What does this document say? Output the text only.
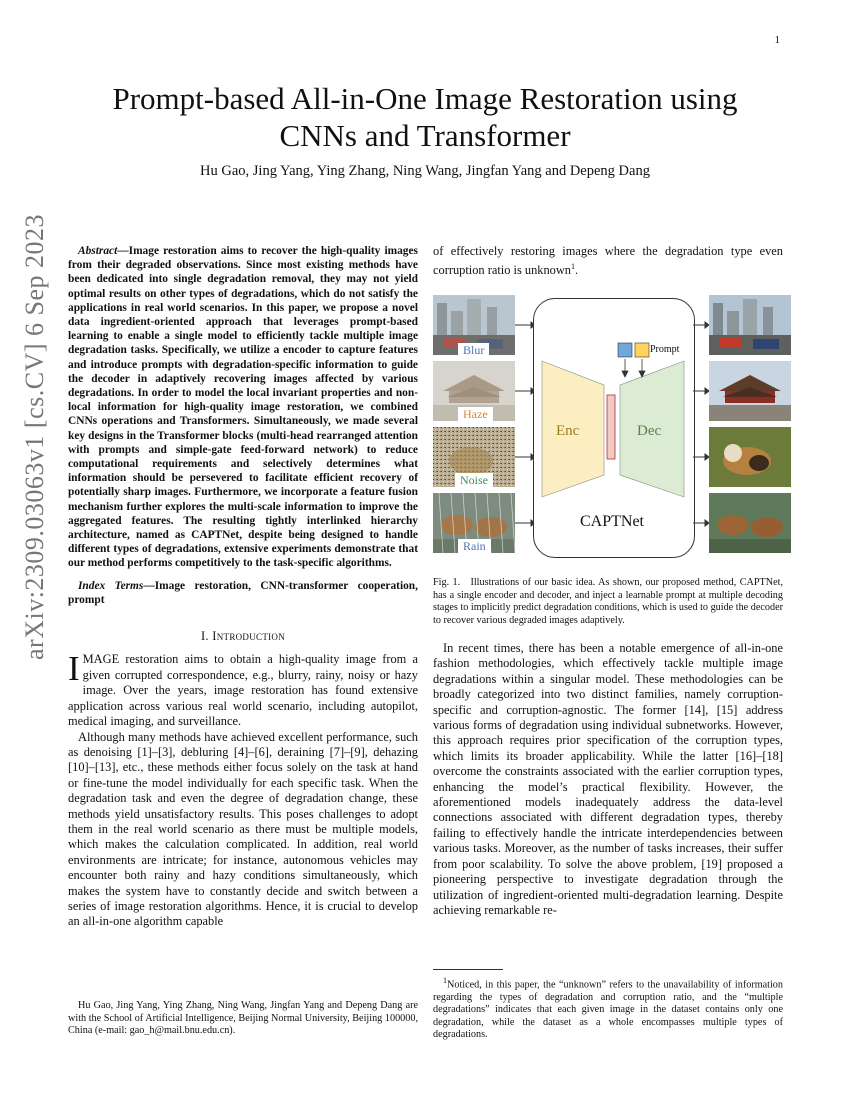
1
arXiv:2309.03063v1 [cs.CV] 6 Sep 2023
Prompt-based All-in-One Image Restoration using CNNs and Transformer
Hu Gao, Jing Yang, Ying Zhang, Ning Wang, Jingfan Yang and Depeng Dang

Abstract—Image restoration aims to recover the high-quality images from their degraded observations. Since most existing methods have been dedicated into single degradation removal, they may not yield optimal results on other types of degradations, which do not satisfy the applications in real world scenarios. In this paper, we propose a novel data ingredient-oriented approach that leverages prompt-based learning to enable a single model to efficiently tackle multiple image degradation tasks. Specifically, we utilize a encoder to capture features and introduce prompts with degradation-specific information to guide the decoder in adaptively recovering images affected by various degradations. In order to model the local invariant properties and non-local information for high-quality image restoration, we combined CNNs operations and Transformers. Simultaneously, we made several key designs in the Transformer blocks (multi-head rearranged attention with prompts and simple-gate feed-forward network) to reduce computational requirements and selectively determines what information should be persevered to facilitate efficient recovery of potentially sharp images. Furthermore, we incorporate a feature fusion mechanism further explores the multi-scale information to improve the aggregated features. The resulting tightly interlinked hierarchy architecture, named as CAPTNet, despite being designed to handle different types of degradations, extensive experiments demonstrate that our method performs competitively to the task-specific algorithms.

Index Terms—Image restoration, CNN-transformer cooperation, prompt

I. Introduction

IMAGE restoration aims to obtain a high-quality image from a given corrupted correspondence, e.g., blurry, rainy, noisy or hazy image. Over the years, image restoration has found extensive application across various real world scenario, including autopilot, medical imaging, and surveillance.

Although many methods have achieved excellent performance, such as denoising [1]–[3], debluring [4]–[6], deraining [7]–[9], dehazing [10]–[13], etc., these methods either focus solely on the task at hand or fine-tune the model individually for each specific task. When the degradation task and even the degree of degradation change, these methods yield unsatisfactory results. This poses challenges to adopt them in the real world scenario as there must be multiple models, which makes the calculation complicated. In addition, real world environments are intricate; for instance, autonomous vehicles may encounter both rainy and hazy conditions simultaneously, which makes the system have to constantly decide and switch between a series of image restoration algorithms. Hence, it is crucial to develop an all-in-one algorithm capable

Hu Gao, Jing Yang, Ying Zhang, Ning Wang, Jingfan Yang and Depeng Dang are with the School of Artificial Intelligence, Beijing Normal University, Beijing 100000, China (e-mail: gao_h@mail.bnu.edu.cn).

of effectively restoring images where the degradation type even corruption ratio is unknown$^1$.

Blur
Haze
Noise
Rain
Prompt
Enc	Dec
CAPTNet
Fig. 1. Illustrations of our basic idea. As shown, our proposed method, CAPTNet, has a single encoder and decoder, and inject a learnable prompt at multiple decoding stages to implicitly predict degradation conditions, which is used to guide the decoder to recover various degraded images adaptively.

In recent times, there has been a notable emergence of all-in-one fashion methodologies, which effectively tackle multiple image degradations within a singular model. These methodologies can be broadly categorized into two distinct families, namely corruption-specific and corruption-agnostic. The former [14], [15] address various forms of degradation using individual subnetworks. However, this approach requires prior specification of the corruption types, which limits its broader applicability. While the latter [16]–[18] overcome the constraints associated with the earlier corruption types, enhancing the model’s practical flexibility. However, the aforementioned models inadequately address the data-level connections associated with different degradation types, thereby failing to effectively handle the intricate interdependencies between various tasks. Moreover, as the number of tasks increases, their suffer from poor scalability. To solve the above problem, [19] proposed a pioneering perspective to investigate degradation through the utilization of ingredient-oriented multi-degradation learning. Despite achieving remarkable re-

$^1$Noticed, in this paper, the “unknown” refers to the unavailability of information regarding the types of degradation and corruption ratio, and the “multiple degradations” indicates that each given image in the dataset contains only one degradation, while the dataset as a whole encompasses multiple types of degradations.
